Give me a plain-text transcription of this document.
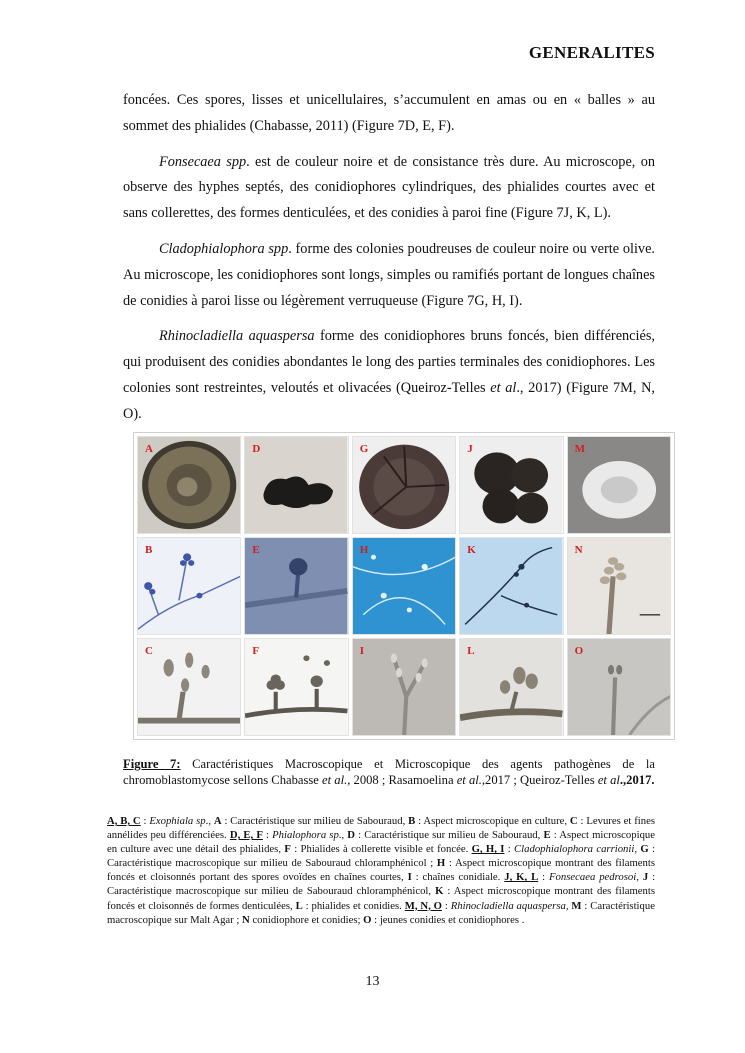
GENERALITES

foncées. Ces spores, lisses et unicellulaires, s’accumulent en amas ou en « balles » au sommet des phialides (Chabasse, 2011) (Figure 7D, E, F).

Fonsecaea spp. est de couleur noire et de consistance très dure. Au microscope, on observe des hyphes septés, des conidiophores cylindriques, des phialides courtes avec et sans collerettes, des formes denticulées, et des conidies à paroi fine (Figure 7J, K, L).

Cladophialophora spp. forme des colonies poudreuses de couleur noire ou verte olive. Au microscope, les conidiophores sont longs, simples ou ramifiés portant de longues chaînes de conidies à paroi lisse ou légèrement verruqueuse (Figure 7G, H, I).

Rhinocladiella aquaspersa forme des conidiophores bruns foncés, bien différenciés, qui produisent des conidies abondantes le long des parties terminales des conidiophores. Les colonies sont restreintes, veloutés et olivacées (Queiroz-Telles et al., 2017) (Figure 7M, N, O).

A	D	G	J	M
B	E	H	K	N
C	F	I	L	O
Figure 7: Caractéristiques Macroscopique et Microscopique des agents pathogènes de la chromoblastomycose sellons Chabasse et al., 2008 ; Rasamoelina et al.,2017 ; Queiroz-Telles et al.,2017.
A, B, C : Exophiala sp., A : Caractéristique sur milieu de Sabouraud, B : Aspect microscopique en culture, C : Levures et fines annélides peu différenciées. D, E, F : Phialophora sp., D : Caractéristique sur milieu de Sabouraud, E : Aspect microscopique en culture avec une détail des phialides, F : Phialides à collerette visible et foncée. G, H, I : Cladophialophora carrionii, G : Caractéristique macroscopique sur milieu de Sabouraud chloramphénicol ; H : Aspect microscopique montrant des filaments foncés et cloisonnés portant des spores ovoïdes en chaînes courtes, I : chaînes conidiale. J, K, L : Fonsecaea pedrosoi, J : Caractéristique macroscopique sur milieu de Sabouraud chloramphénicol, K : Aspect microscopique montrant des filaments foncés et cloisonnés de formes denticulées, L : phialides et conidies. M, N, O : Rhinocladiella aquaspersa, M : Caractéristique macroscopique sur Malt Agar ; N conidiophore et conidies; O : jeunes conidies et conidiophores .
13
